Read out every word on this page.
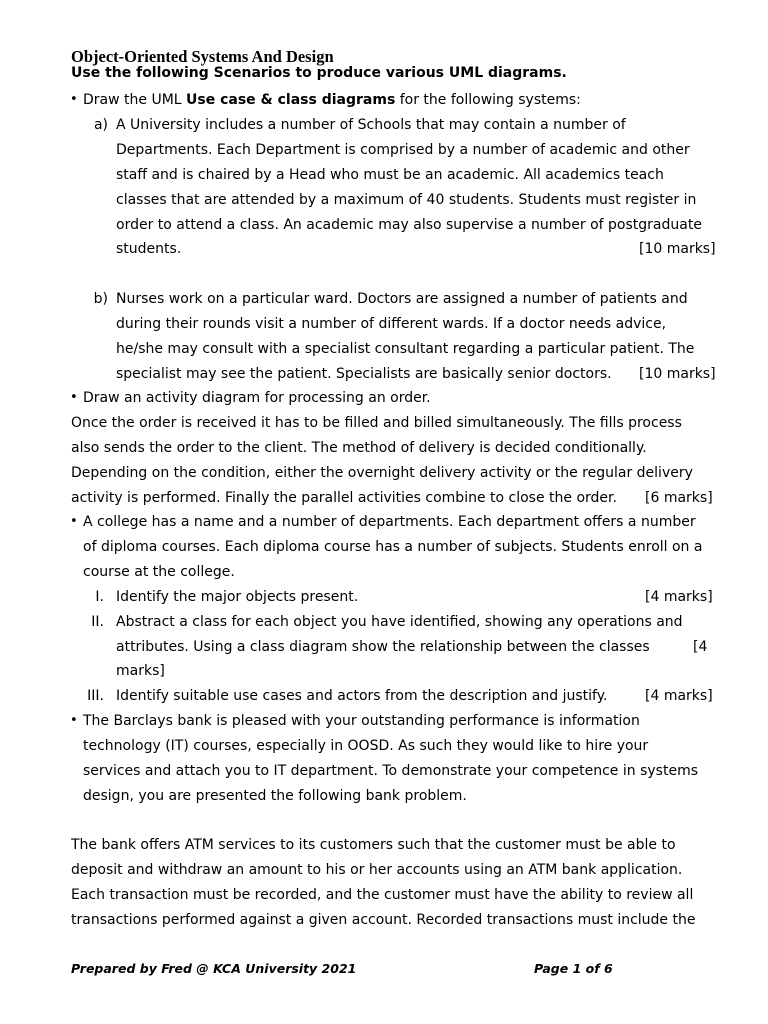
Object-Oriented Systems And Design
Use the following Scenarios to produce various UML diagrams.
• Draw the UML Use case & class diagrams for the following systems:
a) A University includes a number of Schools that may contain a number of
Departments. Each Department is comprised by a number of academic and other
staff and is chaired by a Head who must be an academic. All academics teach
classes that are attended by a maximum of 40 students. Students must register in
order to attend a class. An academic may also supervise a number of postgraduate
students.	[10 marks]
b) Nurses work on a particular ward. Doctors are assigned a number of patients and
during their rounds visit a number of different wards. If a doctor needs advice,
he/she may consult with a specialist consultant regarding a particular patient. The
specialist may see the patient. Specialists are basically senior doctors. [10 marks]
• Draw an activity diagram for processing an order.
Once the order is received it has to be filled and billed simultaneously. The fills process
also sends the order to the client. The method of delivery is decided conditionally.
Depending on the condition, either the overnight delivery activity or the regular delivery
activity is performed. Finally the parallel activities combine to close the order. [6 marks]
• A college has a name and a number of departments. Each department offers a number
of diploma courses. Each diploma course has a number of subjects. Students enroll on a
course at the college.
I. Identify the major objects present.	[4 marks]
II. Abstract a class for each object you have identified, showing any operations and
attributes. Using a class diagram show the relationship between the classes	[4
marks]
III. Identify suitable use cases and actors from the description and justify.	[4 marks]
• The Barclays bank is pleased with your outstanding performance is information
technology (IT) courses, especially in OOSD. As such they would like to hire your
services and attach you to IT department. To demonstrate your competence in systems
design, you are presented the following bank problem.
The bank offers ATM services to its customers such that the customer must be able to
deposit and withdraw an amount to his or her accounts using an ATM bank application.
Each transaction must be recorded, and the customer must have the ability to review all
transactions performed against a given account. Recorded transactions must include the
Prepared by Fred @ KCA University 2021	Page 1 of 6
